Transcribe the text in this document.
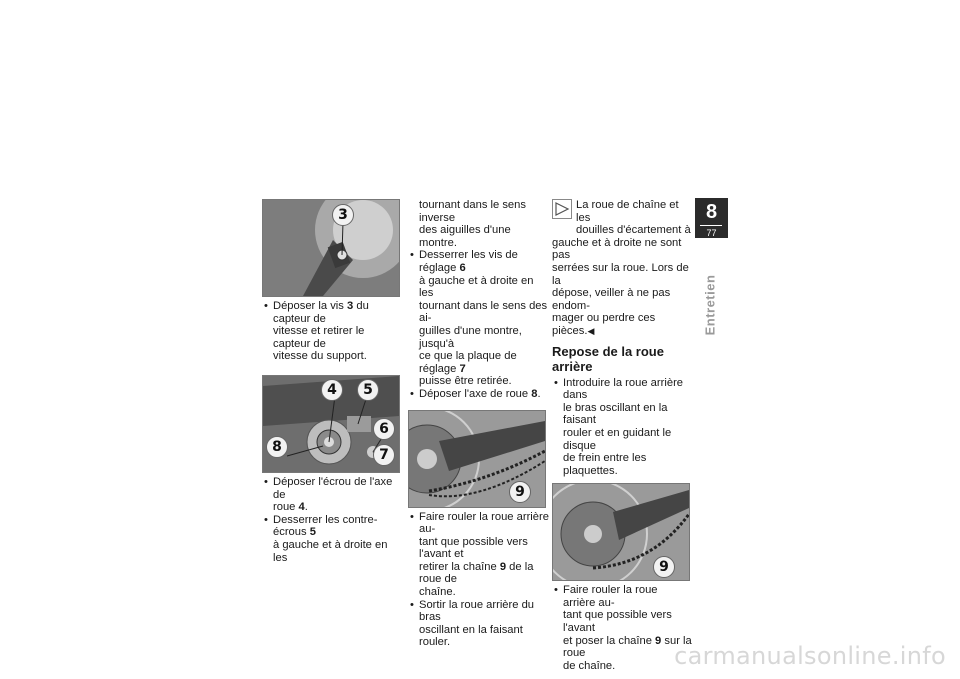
8
77
Entretien
3

• Déposer la vis 3 du capteur de

vitesse et retirer le capteur de

vitesse du support.

4	5
6
8	7

• Déposer l'écrou de l'axe de

roue 4.

• Desserrer les contre-écrous 5

à gauche et à droite en les

tournant dans le sens inverse

des aiguilles d'une montre.

• Desserrer les vis de réglage 6

à gauche et à droite en les

tournant dans le sens des ai-

guilles d'une montre, jusqu'à

ce que la plaque de réglage 7

puisse être retirée.

• Déposer l'axe de roue 8.

9

• Faire rouler la roue arrière au-

tant que possible vers l'avant et

retirer la chaîne 9 de la roue de

chaîne.

• Sortir la roue arrière du bras

oscillant en la faisant rouler.

La roue de chaîne et les

douilles d'écartement à

gauche et à droite ne sont pas

serrées sur la roue. Lors de la

dépose, veiller à ne pas endom-

mager ou perdre ces pièces.◀

Repose de la roue arrière

• Introduire la roue arrière dans

le bras oscillant en la faisant

rouler et en guidant le disque

de frein entre les plaquettes.

9

• Faire rouler la roue arrière au-

tant que possible vers l'avant

et poser la chaîne 9 sur la roue

de chaîne.	carmanualsonline.info
